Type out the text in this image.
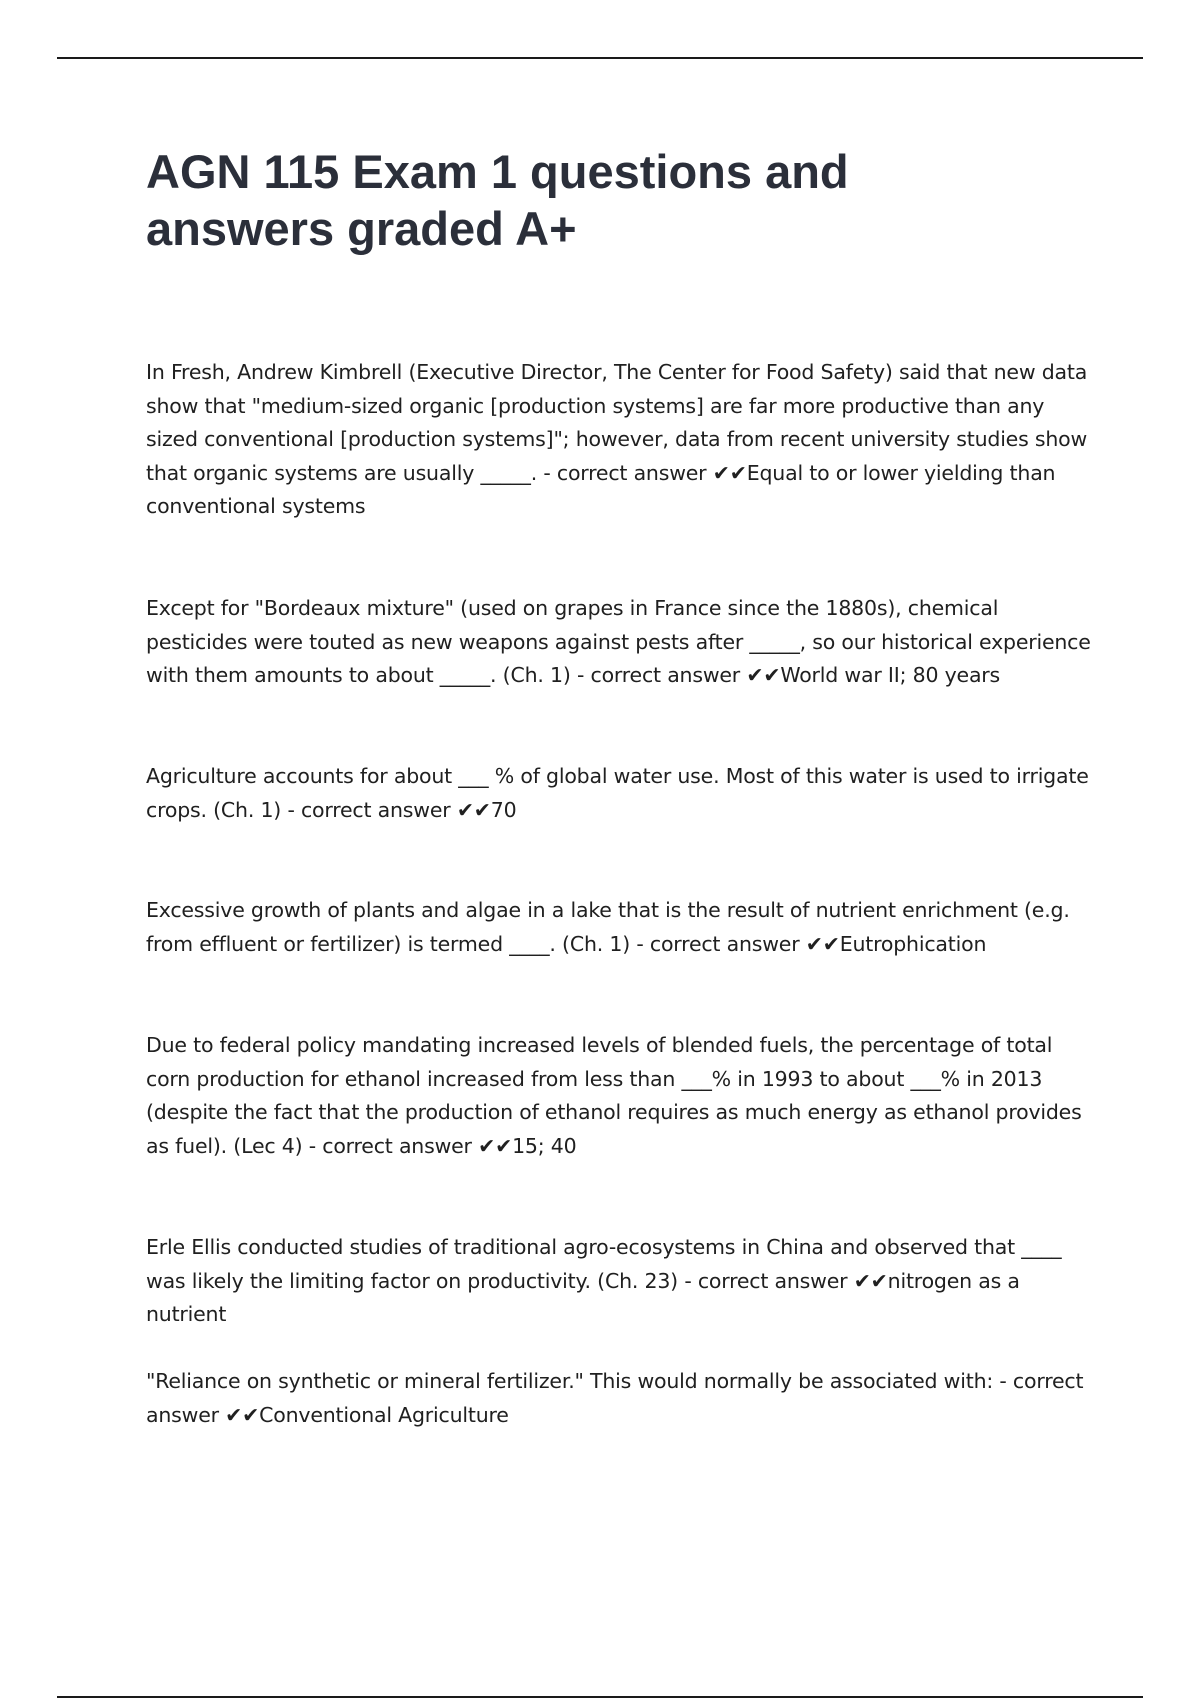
AGN 115 Exam 1 questions and answers graded A+

In Fresh, Andrew Kimbrell (Executive Director, The Center for Food Safety) said that new data show that "medium-sized organic [production systems] are far more productive than any sized conventional [production systems]"; however, data from recent university studies show that organic systems are usually _____. - correct answer ✔✔Equal to or lower yielding than conventional systems

Except for "Bordeaux mixture" (used on grapes in France since the 1880s), chemical pesticides were touted as new weapons against pests after _____, so our historical experience with them amounts to about _____. (Ch. 1) - correct answer ✔✔World war II; 80 years

Agriculture accounts for about ___ % of global water use. Most of this water is used to irrigate crops. (Ch. 1) - correct answer ✔✔70

Excessive growth of plants and algae in a lake that is the result of nutrient enrichment (e.g. from effluent or fertilizer) is termed ____. (Ch. 1) - correct answer ✔✔Eutrophication

Due to federal policy mandating increased levels of blended fuels, the percentage of total corn production for ethanol increased from less than ___% in 1993 to about ___% in 2013 (despite the fact that the production of ethanol requires as much energy as ethanol provides as fuel). (Lec 4) - correct answer ✔✔15; 40

Erle Ellis conducted studies of traditional agro-ecosystems in China and observed that ____ was likely the limiting factor on productivity. (Ch. 23) - correct answer ✔✔nitrogen as a nutrient

"Reliance on synthetic or mineral fertilizer." This would normally be associated with: - correct answer ✔✔Conventional Agriculture
